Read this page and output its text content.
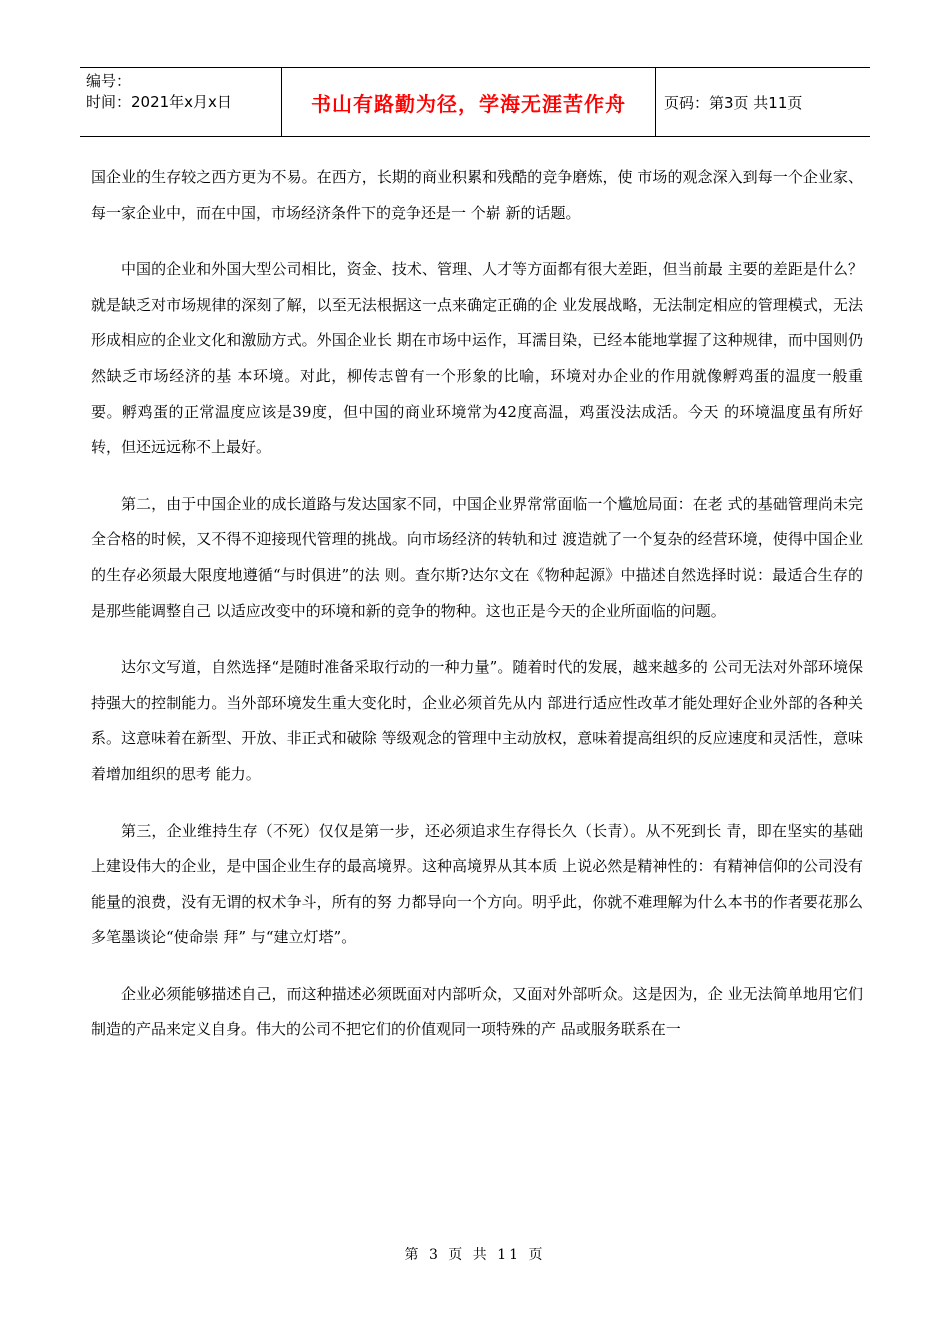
编号：
时间：2021年x月x日	书山有路勤为径，学海无涯苦作舟	页码：第3页 共11页

国企业的生存较之西方更为不易。在西方，长期的商业积累和残酷的竞争磨炼，使 市场的观念深入到每一个企业家、每一家企业中，而在中国，市场经济条件下的竞争还是一 个崭 新的话题。

中国的企业和外国大型公司相比，资金、技术、管理、人才等方面都有很大差距，但当前最 主要的差距是什么？就是缺乏对市场规律的深刻了解，以至无法根据这一点来确定正确的企 业发展战略，无法制定相应的管理模式，无法形成相应的企业文化和激励方式。外国企业长 期在市场中运作，耳濡目染，已经本能地掌握了这种规律，而中国则仍然缺乏市场经济的基 本环境。对此，柳传志曾有一个形象的比喻，环境对办企业的作用就像孵鸡蛋的温度一般重 要。孵鸡蛋的正常温度应该是39度，但中国的商业环境常为42度高温，鸡蛋没法成活。今天 的环境温度虽有所好转，但还远远称不上最好。

第二，由于中国企业的成长道路与发达国家不同，中国企业界常常面临一个尴尬局面：在老 式的基础管理尚未完全合格的时候，又不得不迎接现代管理的挑战。向市场经济的转轨和过 渡造就了一个复杂的经营环境，使得中国企业的生存必须最大限度地遵循“与时俱进”的法 则。查尔斯?达尔文在《物种起源》中描述自然选择时说：最适合生存的是那些能调整自己 以适应改变中的环境和新的竞争的物种。这也正是今天的企业所面临的问题。

达尔文写道，自然选择“是随时准备采取行动的一种力量”。随着时代的发展，越来越多的 公司无法对外部环境保持强大的控制能力。当外部环境发生重大变化时，企业必须首先从内 部进行适应性改革才能处理好企业外部的各种关系。这意味着在新型、开放、非正式和破除 等级观念的管理中主动放权，意味着提高组织的反应速度和灵活性，意味着增加组织的思考 能力。

第三，企业维持生存（不死）仅仅是第一步，还必须追求生存得长久（长青）。从不死到长 青，即在坚实的基础上建设伟大的企业，是中国企业生存的最高境界。这种高境界从其本质 上说必然是精神性的：有精神信仰的公司没有能量的浪费，没有无谓的权术争斗，所有的努 力都导向一个方向。明乎此，你就不难理解为什么本书的作者要花那么多笔墨谈论“使命崇 拜” 与“建立灯塔”。

企业必须能够描述自己，而这种描述必须既面对内部听众，又面对外部听众。这是因为，企 业无法简单地用它们制造的产品来定义自身。伟大的公司不把它们的价值观同一项特殊的产 品或服务联系在一

第 3 页 共 11 页
